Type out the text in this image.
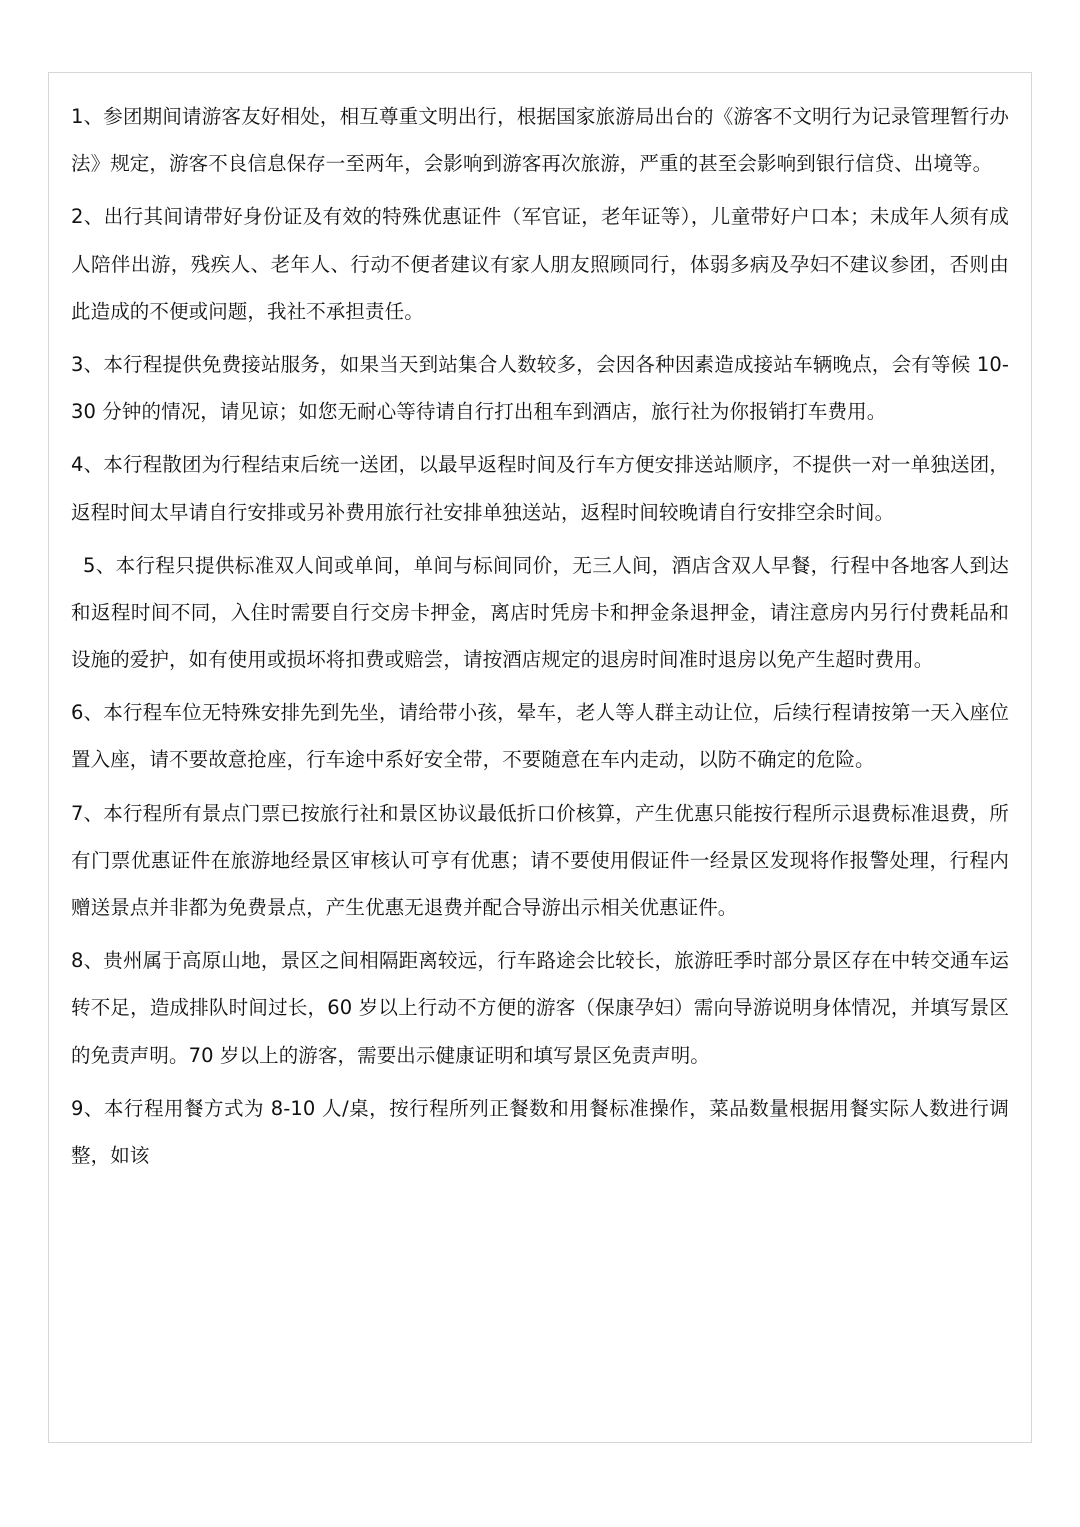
1、参团期间请游客友好相处，相互尊重文明出行，根据国家旅游局出台的《游客不文明行为记录管理暂行办法》规定，游客不良信息保存一至两年，会影响到游客再次旅游，严重的甚至会影响到银行信贷、出境等。

2、出行其间请带好身份证及有效的特殊优惠证件（军官证，老年证等），儿童带好户口本；未成年人须有成人陪伴出游，残疾人、老年人、行动不便者建议有家人朋友照顾同行，体弱多病及孕妇不建议参团，否则由此造成的不便或问题，我社不承担责任。

3、本行程提供免费接站服务，如果当天到站集合人数较多，会因各种因素造成接站车辆晚点，会有等候 10-30 分钟的情况，请见谅；如您无耐心等待请自行打出租车到酒店，旅行社为你报销打车费用。

4、本行程散团为行程结束后统一送团，以最早返程时间及行车方便安排送站顺序，不提供一对一单独送团，返程时间太早请自行安排或另补费用旅行社安排单独送站，返程时间较晚请自行安排空余时间。

5、本行程只提供标准双人间或单间，单间与标间同价，无三人间，酒店含双人早餐，行程中各地客人到达和返程时间不同，入住时需要自行交房卡押金，离店时凭房卡和押金条退押金，请注意房内另行付费耗品和设施的爱护，如有使用或损坏将扣费或赔尝，请按酒店规定的退房时间准时退房以免产生超时费用。

6、本行程车位无特殊安排先到先坐，请给带小孩，晕车，老人等人群主动让位，后续行程请按第一天入座位置入座，请不要故意抢座，行车途中系好安全带，不要随意在车内走动，以防不确定的危险。

7、本行程所有景点门票已按旅行社和景区协议最低折口价核算，产生优惠只能按行程所示退费标准退费，所有门票优惠证件在旅游地经景区审核认可亨有优惠；请不要使用假证件一经景区发现将作报警处理，行程内赠送景点并非都为免费景点，产生优惠无退费并配合导游出示相关优惠证件。

8、贵州属于高原山地，景区之间相隔距离较远，行车路途会比较长，旅游旺季时部分景区存在中转交通车运转不足，造成排队时间过长，60 岁以上行动不方便的游客（保康孕妇）需向导游说明身体情况，并填写景区的免责声明。70 岁以上的游客，需要出示健康证明和填写景区免责声明。

9、本行程用餐方式为 8-10 人/桌，按行程所列正餐数和用餐标准操作，菜品数量根据用餐实际人数进行调整，如该
